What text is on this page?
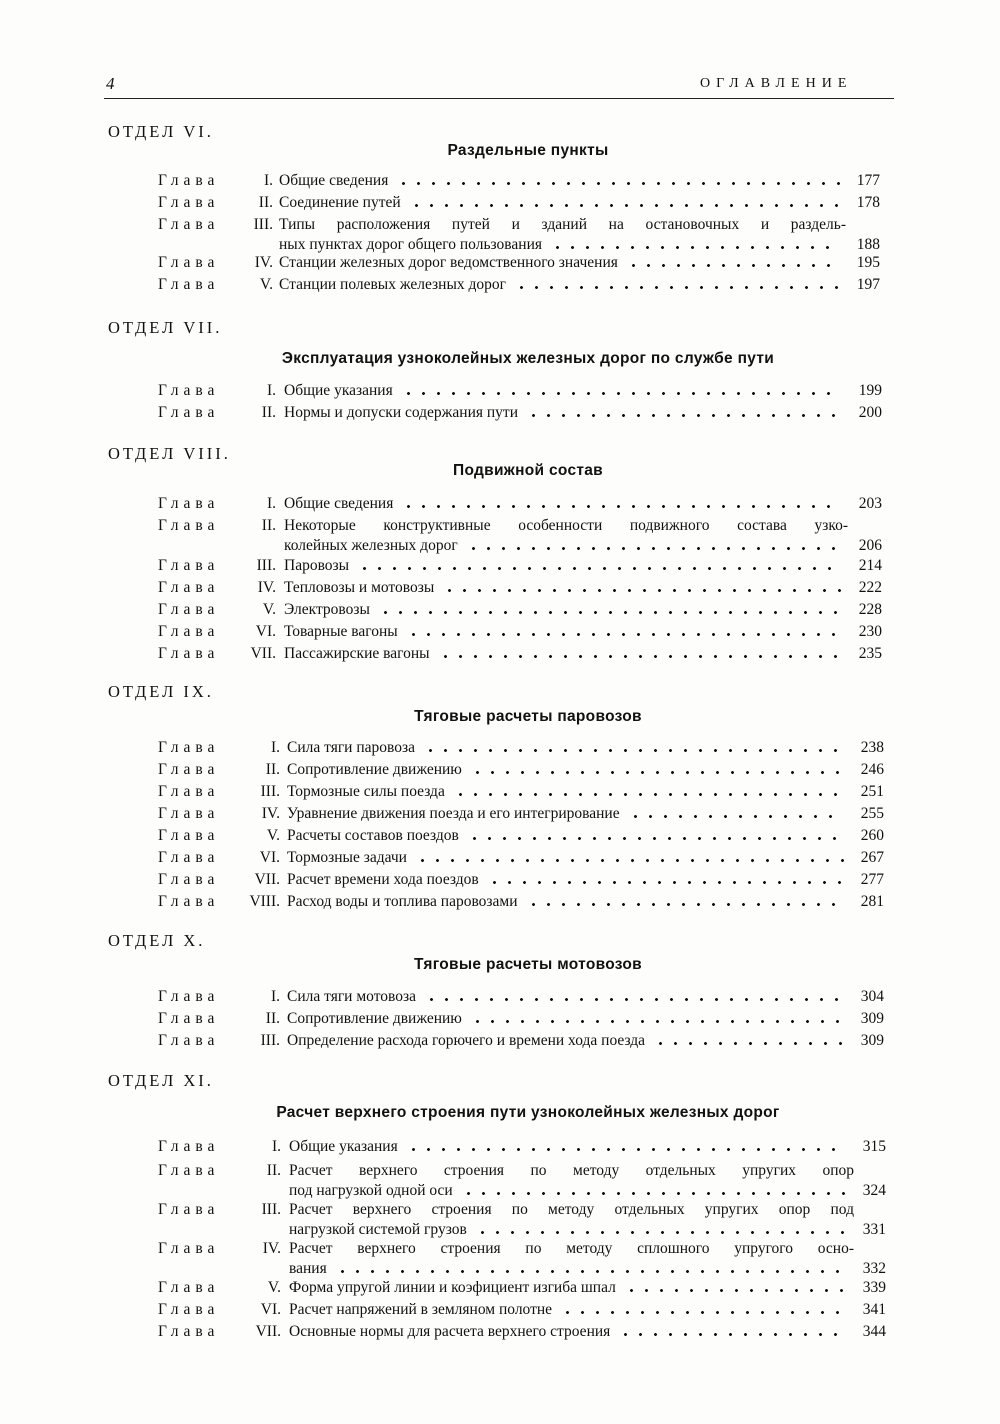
4	ОГЛАВЛЕНИЕ
ОТДЕЛ VI.
Раздельные пункты
Глава	I. Общие сведения	177
Глава	II. Соединение путей	178
Глава	III. Типы расположения путей и зданий на остановочных и раздель-
ных пунктах дорог общего пользования	188
Глава	IV. Станции железных дорог ведомственного значения	195
Глава	V. Станции полевых железных дорог	197
ОТДЕЛ VII.
Эксплуатация узноколейных железных дорог по службе пути
Глава	I. Общие указания	199
Глава	II. Нормы и допуски содержания пути	200
ОТДЕЛ VIII.
Подвижной состав
Глава	I. Общие сведения	203
Глава	II. Некоторые конструктивные особенности подвижного состава узко-
колейных железных дорог	206
Глава	III. Паровозы	214
Глава	IV. Тепловозы и мотовозы	222
Глава	V. Электровозы	228
Глава	VI. Товарные вагоны	230
Глава	VII. Пассажирские вагоны	235
ОТДЕЛ IX.
Тяговые расчеты паровозов
Глава	I. Сила тяги паровоза	238
Глава	II. Сопротивление движению	246
Глава	III. Тормозные силы поезда	251
Глава	IV. Уравнение движения поезда и его интегрирование	255
Глава	V. Расчеты составов поездов	260
Глава	VI. Тормозные задачи	267
Глава	VII. Расчет времени хода поездов	277
Глава	VIII. Расход воды и топлива паровозами	281
ОТДЕЛ X.
Тяговые расчеты мотовозов
Глава	I. Сила тяги мотовоза	304
Глава	II. Сопротивление движению	309
Глава	III. Определение расхода горючего и времени хода поезда	309
ОТДЕЛ XI.
Расчет верхнего строения пути узноколейных железных дорог
Глава	I. Общие указания	315
Глава	II. Расчет верхнего строения по методу отдельных упругих опор
под нагрузкой одной оси	324
Глава	III. Расчет верхнего строения по методу отдельных упругих опор под
нагрузкой системой грузов	331
Глава	IV. Расчет верхнего строения по методу сплошного упругого осно-
вания	332
Глава	V. Форма упругой линии и коэфициент изгиба шпал	339
Глава	VI. Расчет напряжений в земляном полотне	341
Глава	VII. Основные нормы для расчета верхнего строения	344
